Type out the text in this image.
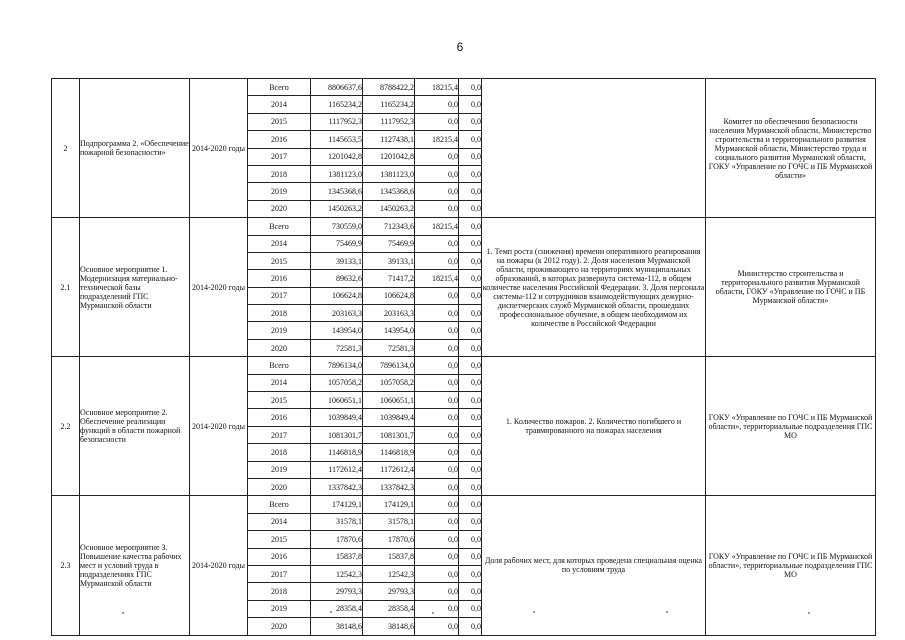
6
2	Подпрограмма 2. «Обеспечение пожарной безопасности»	2014-2020 годы	Всего	8806637,6	8788422,2	18215,4	0,0		Комитет по обеспечению безопасности населения Мурманской области, Министерство строительства и территориального развития Мурманской области, Министерство труда и социального развития Мурманской области, ГОКУ «Управление по ГОЧС и ПБ Мурманской области»
			2014	1165234,2	1165234,2	0,0	0,0		
			2015	1117952,3	1117952,3	0,0	0,0		
			2016	1145653,5	1127438,1	18215,4	0,0		
			2017	1201042,8	1201042,8	0,0	0,0		
			2018	1381123,0	1381123,0	0,0	0,0		
			2019	1345368,6	1345368,6	0,0	0,0		
			2020	1450263,2	1450263,2	0,0	0,0		
2.1	Основное мероприятие 1. Модернизация материально-технической базы подразделений ГПС Мурманской области	2014-2020 годы	Всего	730559,0	712343,6	18215,4	0,0	1. Темп роста (снижения) времени оперативного реагирования на пожары (к 2012 году). 2. Доля населения Мурманской области, проживающего на территориях муниципальных образований, в которых развернута система-112, в общем количестве населения Российской Федерации. 3. Доля персонала системы-112 и сотрудников взаимодействующих дежурно-диспетчерских служб Мурманской области, прошедших профессиональное обучение, в общем необходимом их количестве в Российской Федерации	Министерство строительства и территориального развития Мурманской области, ГОКУ «Управление по ГОЧС и ПБ Мурманской области»
			2014	75469,9	75469,9	0,0	0,0		
			2015	39133,1	39133,1	0,0	0,0		
			2016	89632,6	71417,2	18215,4	0,0		
			2017	106624,8	106624,8	0,0	0,0		
			2018	203163,3	203163,3	0,0	0,0		
			2019	143954,0	143954,0	0,0	0,0		
			2020	72581,3	72581,3	0,0	0,0		
2.2	Основное мероприятие 2. Обеспечение реализации функций в области пожарной безопасности	2014-2020 годы	Всего	7896134,0	7896134,0	0,0	0,0	1. Количество пожаров. 2. Количество погибшего и травмированного на пожарах населения	ГОКУ «Управление по ГОЧС и ПБ Мурманской области», территориальные подразделения ГПС МО
			2014	1057058,2	1057058,2	0,0	0,0		
			2015	1060651,1	1060651,1	0,0	0,0		
			2016	1039849,4	1039849,4	0,0	0,0		
			2017	1081301,7	1081301,7	0,0	0,0		
			2018	1146818,9	1146818,9	0,0	0,0		
			2019	1172612,4	1172612,4	0,0	0,0		
			2020	1337842,3	1337842,3	0,0	0,0		
2.3	Основное мероприятие 3. Повышение качества рабочих мест и условий труда в подразделениях ГПС Мурманской области	2014-2020 годы	Всего	174129,1	174129,1	0,0	0,0	Доля рабочих мест, для которых проведена специальная оценка по условиям труда	ГОКУ «Управление по ГОЧС и ПБ Мурманской области», территориальные подразделения ГПС МО
			2014	31578,1	31578,1	0,0	0,0		
			2015	17870,6	17870,6	0,0	0,0		
			2016	15837,8	15837,8	0,0	0,0		
			2017	12542,3	12542,3	0,0	0,0		
			2018	29793,3	29793,3	0,0	0,0		
			2019	28358,4	28358,4	0,0	0,0		
			2020	38148,6	38148,6	0,0	0,0		
